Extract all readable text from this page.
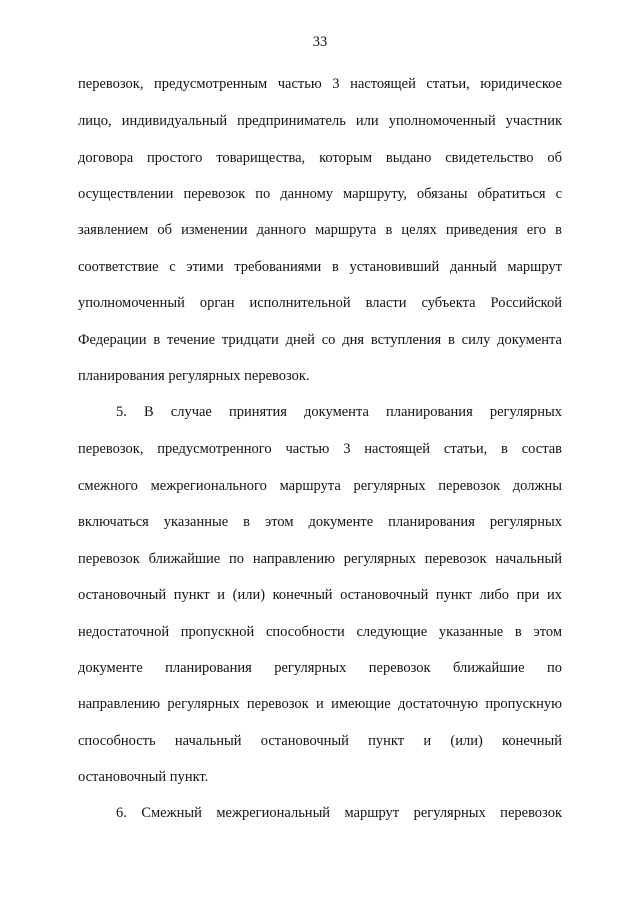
33
перевозок, предусмотренным частью 3 настоящей статьи, юридическое
лицо, индивидуальный предприниматель или уполномоченный участник
договора простого товарищества, которым выдано свидетельство об
осуществлении перевозок по данному маршруту, обязаны обратиться с
заявлением об изменении данного маршрута в целях приведения его в
соответствие с этими требованиями в установивший данный маршрут
уполномоченный орган исполнительной власти субъекта Российской
Федерации в течение тридцати дней со дня вступления в силу документа
планирования регулярных перевозок.
5. В случае принятия документа планирования регулярных
перевозок, предусмотренного частью 3 настоящей статьи, в состав
смежного межрегионального маршрута регулярных перевозок должны
включаться указанные в этом документе планирования регулярных
перевозок ближайшие по направлению регулярных перевозок начальный
остановочный пункт и (или) конечный остановочный пункт либо при их
недостаточной пропускной способности следующие указанные в этом
документе планирования регулярных перевозок ближайшие по
направлению регулярных перевозок и имеющие достаточную пропускную
способность начальный остановочный пункт и (или) конечный
остановочный пункт.
6. Смежный межрегиональный маршрут регулярных перевозок
